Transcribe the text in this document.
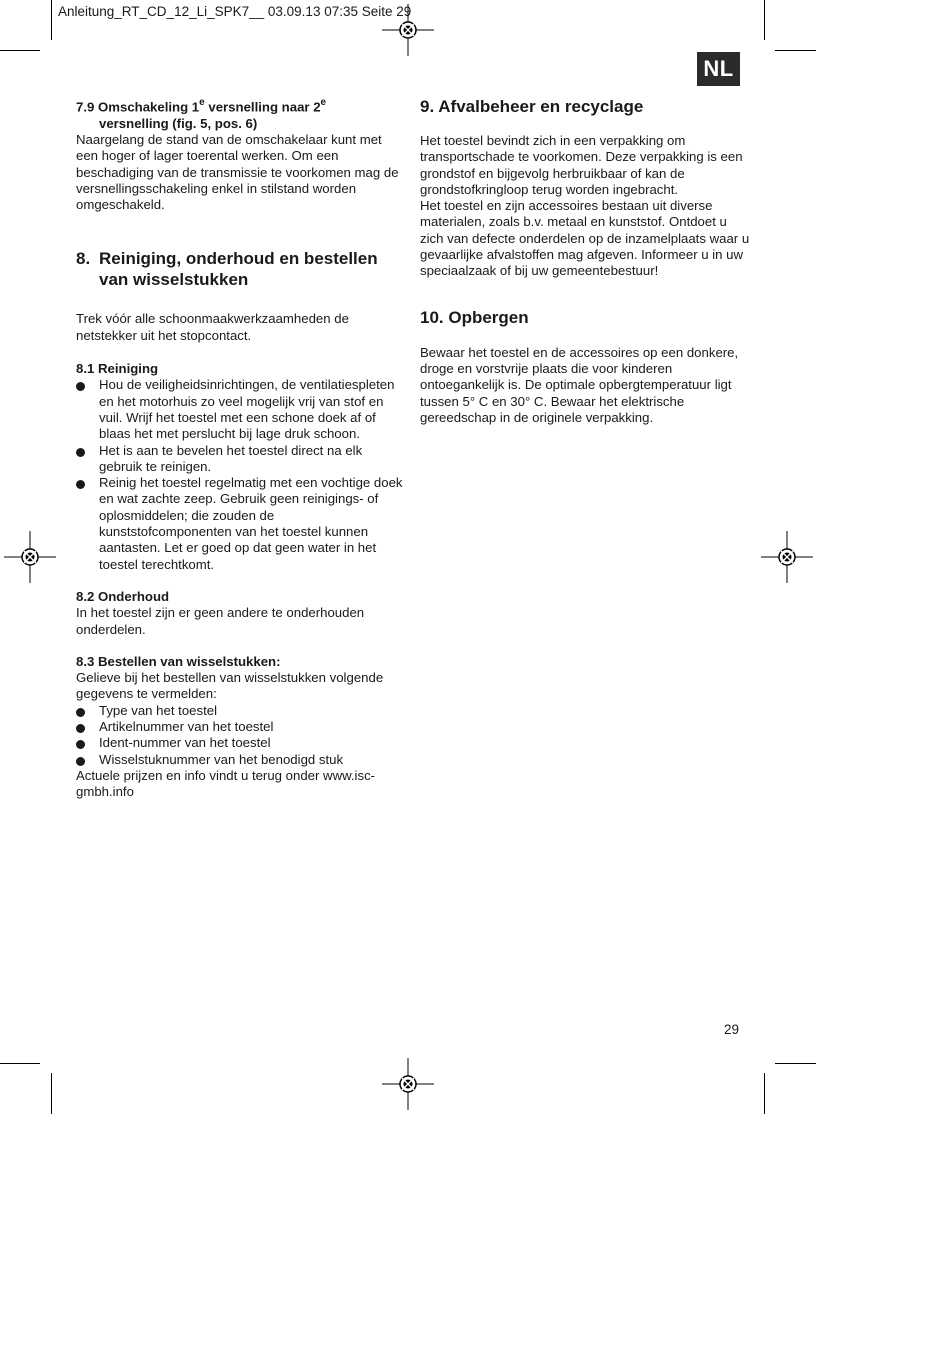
Anleitung_RT_CD_12_Li_SPK7__ 03.09.13 07:35 Seite 29
NL

7.9 Omschakeling 1e versnelling naar 2e

versnelling (fig. 5, pos. 6)

Naargelang de stand van de omschakelaar kunt met een hoger of lager toerental werken. Om een beschadiging van de transmissie te voorkomen mag de versnellingsschakeling enkel in stilstand worden omgeschakeld.

8. Reiniging, onderhoud en bestellen van wisselstukken

Trek vóór alle schoonmaakwerkzaamheden de netstekker uit het stopcontact.

8.1 Reiniging

Hou de veiligheidsinrichtingen, de ventilatiespleten en het motorhuis zo veel mogelijk vrij van stof en vuil. Wrijf het toestel met een schone doek af of blaas het met perslucht bij lage druk schoon.
Het is aan te bevelen het toestel direct na elk gebruik te reinigen.
Reinig het toestel regelmatig met een vochtige doek en wat zachte zeep. Gebruik geen reinigings- of oplosmiddelen; die zouden de kunststofcomponenten van het toestel kunnen aantasten. Let er goed op dat geen water in het toestel terechtkomt.

8.2 Onderhoud

In het toestel zijn er geen andere te onderhouden onderdelen.

8.3 Bestellen van wisselstukken:

Gelieve bij het bestellen van wisselstukken volgende gegevens te vermelden:

Type van het toestel
Artikelnummer van het toestel
Ident-nummer van het toestel
Wisselstuknummer van het benodigd stuk

Actuele prijzen en info vindt u terug onder www.isc-
gmbh.info

9. Afvalbeheer en recyclage

Het toestel bevindt zich in een verpakking om transportschade te voorkomen. Deze verpakking is een grondstof en bijgevolg herbruikbaar of kan de grondstofkringloop terug worden ingebracht.

Het toestel en zijn accessoires bestaan uit diverse materialen, zoals b.v. metaal en kunststof. Ontdoet u zich van defecte onderdelen op de inzamelplaats waar u gevaarlijke afvalstoffen mag afgeven. Informeer u in uw speciaalzaak of bij uw gemeentebestuur!

10. Opbergen

Bewaar het toestel en de accessoires op een donkere, droge en vorstvrije plaats die voor kinderen ontoegankelijk is. De optimale opbergtemperatuur ligt tussen 5° C en 30° C. Bewaar het elektrische gereedschap in de originele verpakking.

29
